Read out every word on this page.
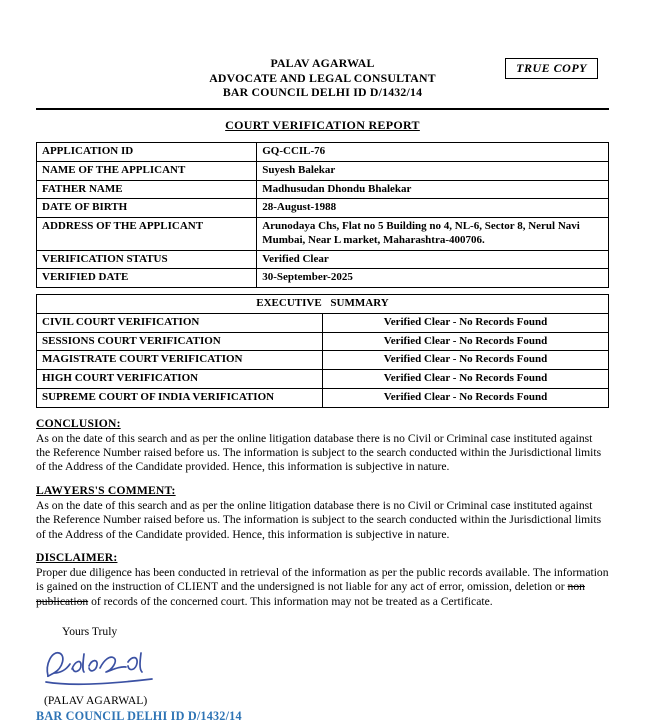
TRUE COPY
PALAV AGARWAL
ADVOCATE AND LEGAL CONSULTANT
BAR COUNCIL DELHI ID D/1432/14
COURT VERIFICATION REPORT
APPLICATION ID	GQ-CCIL-76
NAME OF THE APPLICANT	Suyesh Balekar
FATHER NAME	Madhusudan Dhondu Bhalekar
DATE OF BIRTH	28-August-1988
ADDRESS OF THE APPLICANT	Arunodaya Chs, Flat no 5 Building no 4, NL-6, Sector 8, Nerul Navi Mumbai, Near L market, Maharashtra-400706.
VERIFICATION STATUS	Verified Clear
VERIFIED DATE	30-September-2025
EXECUTIVE SUMMARY	
CIVIL COURT VERIFICATION	Verified Clear - No Records Found
SESSIONS COURT VERIFICATION	Verified Clear - No Records Found
MAGISTRATE COURT VERIFICATION	Verified Clear - No Records Found
HIGH COURT VERIFICATION	Verified Clear - No Records Found
SUPREME COURT OF INDIA VERIFICATION	Verified Clear - No Records Found
CONCLUSION:
As on the date of this search and as per the online litigation database there is no Civil or Criminal case instituted against the Reference Number raised before us. The information is subject to the search conducted within the Jurisdictional limits of the Address of the Candidate provided. Hence, this information is subjective in nature.
LAWYERS'S COMMENT:
As on the date of this search and as per the online litigation database there is no Civil or Criminal case instituted against the Reference Number raised before us. The information is subject to the search conducted within the Jurisdictional limits of the Address of the Candidate provided. Hence, this information is subjective in nature.
DISCLAIMER:
Proper due diligence has been conducted in retrieval of the information as per the public records available. The information is gained on the instruction of CLIENT and the undersigned is not liable for any act of error, omission, deletion or non publication of records of the concerned court. This information may not be treated as a Certificate.
Yours Truly
(PALAV AGARWAL)
BAR COUNCIL DELHI ID D/1432/14
